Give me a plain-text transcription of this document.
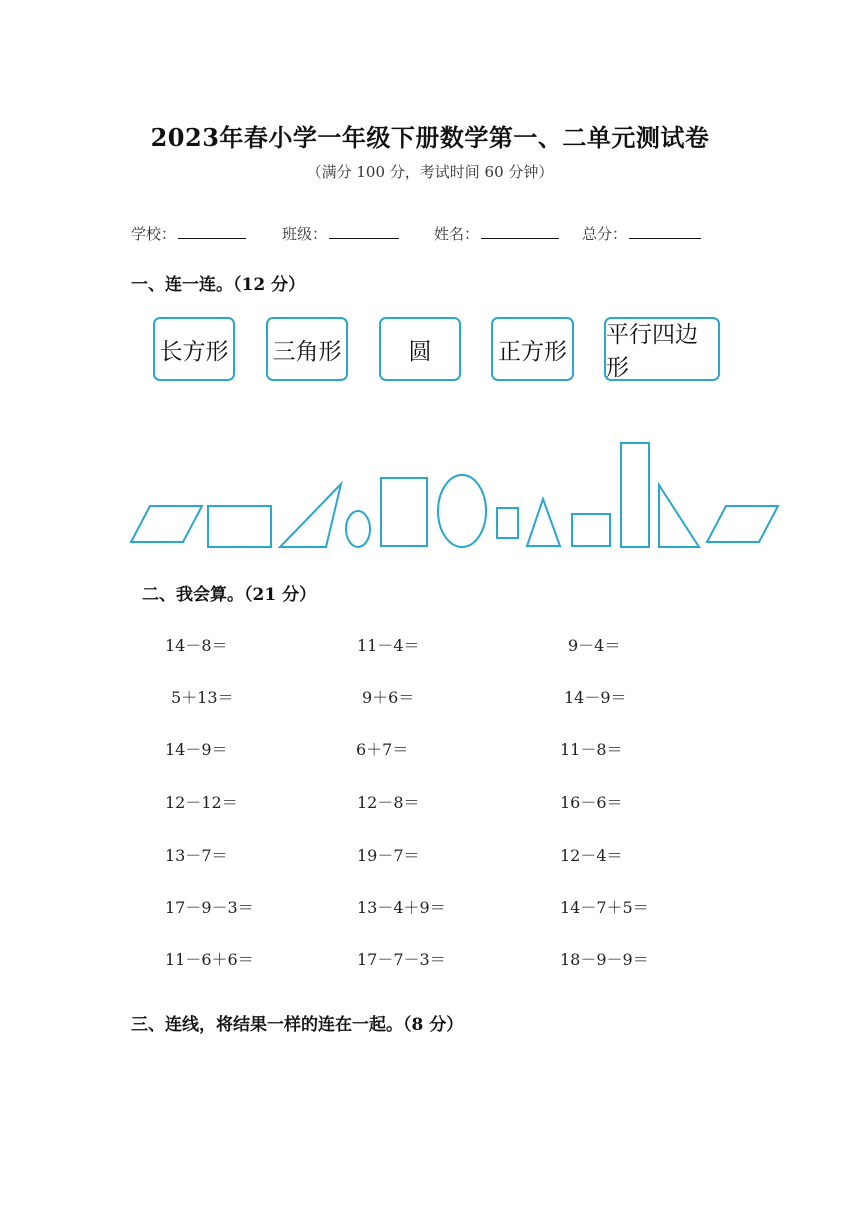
2023年春小学一年级下册数学第一、二单元测试卷
（满分 100 分，考试时间 60 分钟）
学校：	班级：	姓名：	总分：
一、连一连。（12 分）
长方形 三角形	圆	正方形
平行四边形
二、我会算。（21 分）
14－8＝	11－4＝	9－4＝
5＋13＝	9＋6＝	14－9＝
14－9＝	6＋7＝	11－8＝
12－12＝	12－8＝	16－6＝
13－7＝	19－7＝	12－4＝
17－9－3＝	13－4＋9＝	14－7＋5＝
11－6＋6＝	17－7－3＝	18－9－9＝
三、连线，将结果一样的连在一起。（8 分）
